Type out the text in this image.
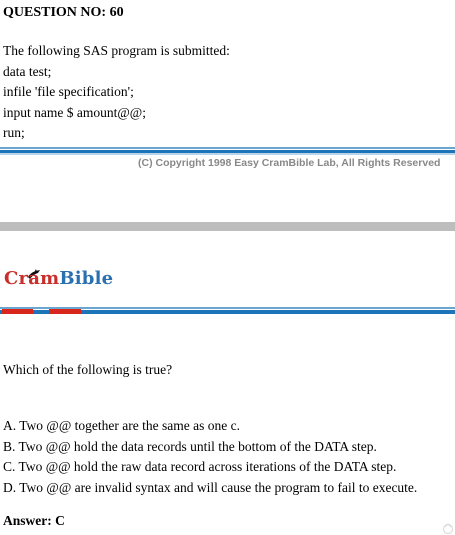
QUESTION NO: 60
The following SAS program is submitted:
data test;
infile 'file specification';
input name $ amount@@;
run;
(C) Copyright 1998 Easy CramBible Lab, All Rights Reserved
CramBible
Which of the following is true?
A. Two @@ together are the same as one c.
B. Two @@ hold the data records until the bottom of the DATA step.
C. Two @@ hold the raw data record across iterations of the DATA step.
D. Two @@ are invalid syntax and will cause the program to fail to execute.
Answer: C
